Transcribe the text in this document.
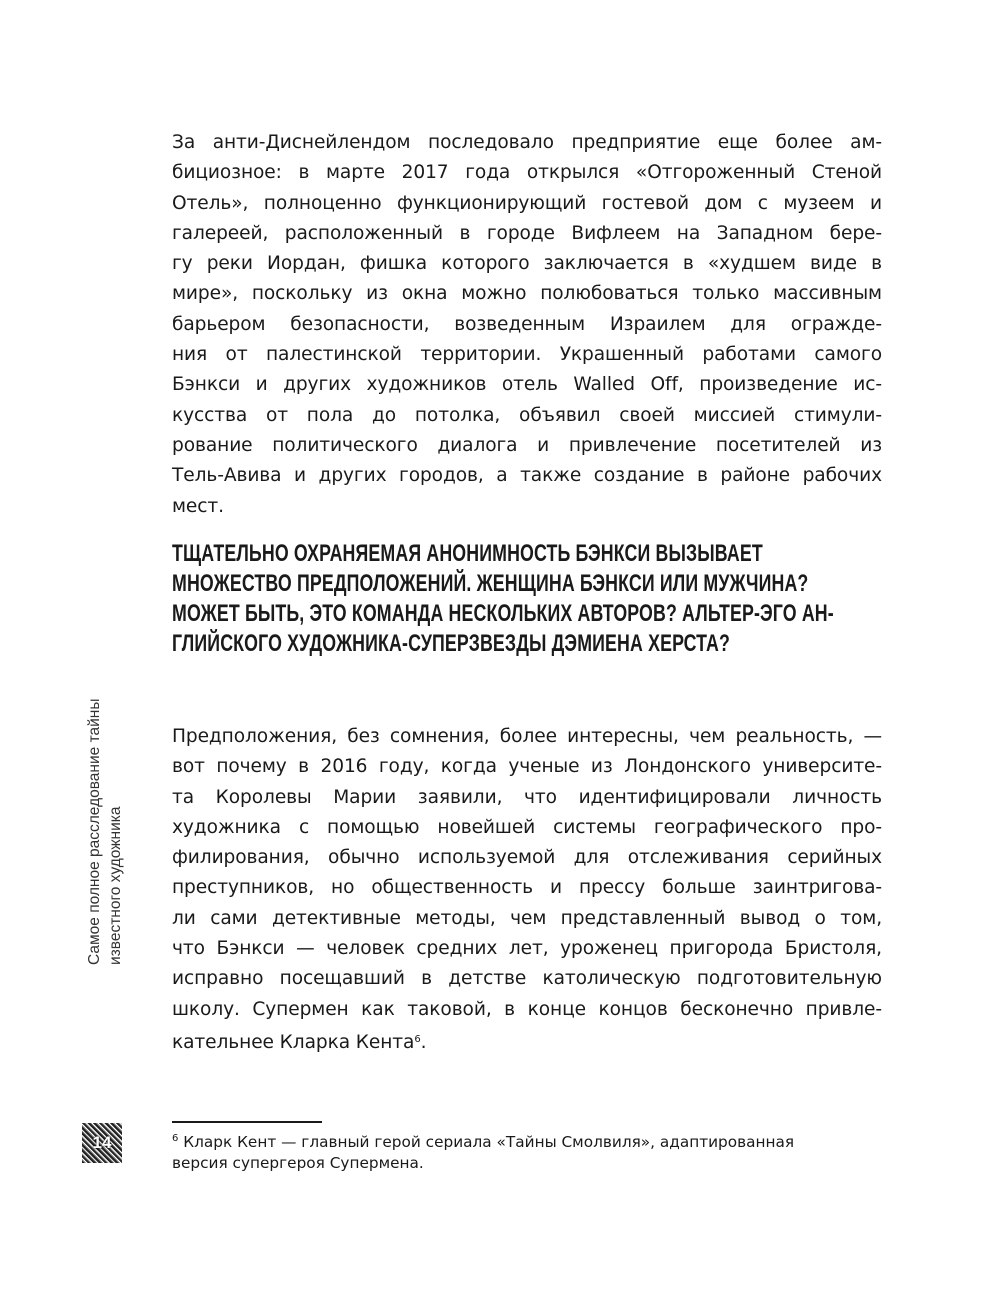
За анти-Диснейлендом последовало предприятие еще более ам-
бициозное: в марте 2017 года открылся «Отгороженный Стеной
Отель», полноценно функционирующий гостевой дом с музеем и
галереей, расположенный в городе Вифлеем на Западном бере-
гу реки Иордан, фишка которого заключается в «худшем виде в
мире», поскольку из окна можно полюбоваться только массивным
барьером безопасности, возведенным Израилем для огражде-
ния от палестинской территории. Украшенный работами самого
Бэнкси и других художников отель Walled Off, произведение ис-
кусства от пола до потолка, объявил своей миссией стимули-
рование политического диалога и привлечение посетителей из
Тель-Авива и других городов, а также создание в районе рабочих
мест.
ТЩАТЕЛЬНО ОХРАНЯЕМАЯ АНОНИМНОСТЬ БЭНКСИ ВЫЗЫВАЕТ
МНОЖЕСТВО ПРЕДПОЛОЖЕНИЙ. ЖЕНЩИНА БЭНКСИ ИЛИ МУЖЧИНА?
МОЖЕТ БЫТЬ, ЭТО КОМАНДА НЕСКОЛЬКИХ АВТОРОВ? АЛЬТЕР-ЭГО АН-
ГЛИЙСКОГО ХУДОЖНИКА-СУПЕРЗВЕЗДЫ ДЭМИЕНА ХЕРСТА?
Предположения, без сомнения, более интересны, чем реальность, —
вот почему в 2016 году, когда ученые из Лондонского университе-
та Королевы Марии заявили, что идентифицировали личность
художника с помощью новейшей системы географического про-
филирования, обычно используемой для отслеживания серийных
преступников, но общественность и прессу больше заинтригова-
ли сами детективные методы, чем представленный вывод о том,
что Бэнкси — человек средних лет, уроженец пригорода Бристоля,
исправно посещавший в детстве католическую подготовительную
школу. Супермен как таковой, в конце концов бесконечно привле-
кательнее Кларка Кента$^6$.
Самое полное расследование тайны известного художника
14	$^6$ Кларк Кент — главный герой сериала «Тайны Смолвиля», адаптированная
версия супергероя Супермена.
